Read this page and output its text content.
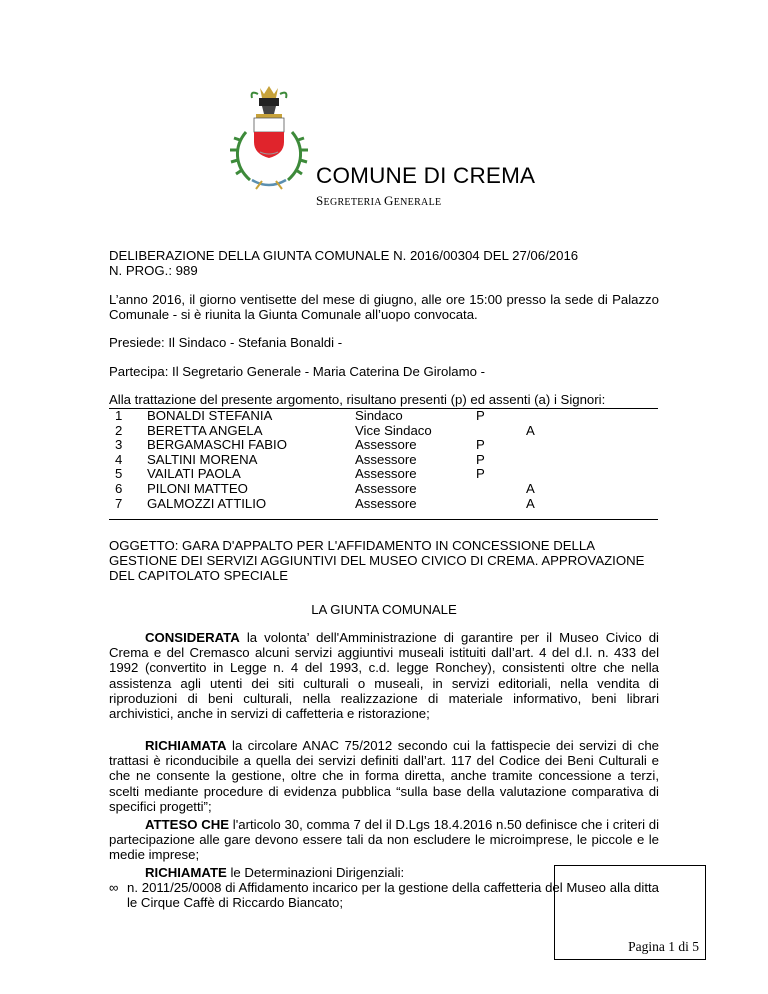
COMUNE DI CREMA
SEGRETERIA GENERALE
DELIBERAZIONE DELLA GIUNTA COMUNALE N. 2016/00304 DEL 27/06/2016
N. PROG.: 989
L’anno 2016, il giorno ventisette del mese di giugno, alle ore 15:00 presso la sede di Palazzo Comunale - si è riunita la Giunta Comunale all’uopo convocata.
Presiede: Il Sindaco - Stefania Bonaldi -
Partecipa: Il Segretario Generale - Maria Caterina De Girolamo -
Alla trattazione del presente argomento, risultano presenti (p) ed assenti (a) i Signori:
1 BONALDI STEFANIA	Sindaco	P
2 BERETTA ANGELA	Vice Sindaco	A
3 BERGAMASCHI FABIO	Assessore	P
4 SALTINI MORENA	Assessore	P
5 VAILATI PAOLA	Assessore	P
6 PILONI MATTEO	Assessore	A
7 GALMOZZI ATTILIO	Assessore	A
OGGETTO: GARA D'APPALTO PER L'AFFIDAMENTO IN CONCESSIONE DELLA
GESTIONE DEI SERVIZI AGGIUNTIVI DEL MUSEO CIVICO DI CREMA. APPROVAZIONE
DEL CAPITOLATO SPECIALE
LA GIUNTA COMUNALE
CONSIDERATA la volonta’ dell'Amministrazione di garantire per il Museo Civico di Crema e del Cremasco alcuni servizi aggiuntivi museali istituiti dall’art. 4 del d.l. n. 433 del 1992 (convertito in Legge n. 4 del 1993, c.d. legge Ronchey), consistenti oltre che nella assistenza agli utenti dei siti culturali o museali, in servizi editoriali, nella vendita di riproduzioni di beni culturali, nella realizzazione di materiale informativo, beni librari archivistici, anche in servizi di caffetteria e ristorazione;
RICHIAMATA la circolare ANAC 75/2012 secondo cui la fattispecie dei servizi di che trattasi è riconducibile a quella dei servizi definiti dall’art. 117 del Codice dei Beni Culturali e che ne consente la gestione, oltre che in forma diretta, anche tramite concessione a terzi, scelti mediante procedure di evidenza pubblica “sulla base della valutazione comparativa di specifici progetti”;
ATTESO CHE l'articolo 30, comma 7 del il D.Lgs 18.4.2016 n.50 definisce che i criteri di partecipazione alle gare devono essere tali da non escludere le microimprese, le piccole e le medie imprese;
RICHIAMATE le Determinazioni Dirigenziali:
∞ n. 2011/25/0008 di Affidamento incarico per la gestione della caffetteria del Museo alla ditta le Cirque Caffè di Riccardo Biancato;
Pagina 1 di 5
